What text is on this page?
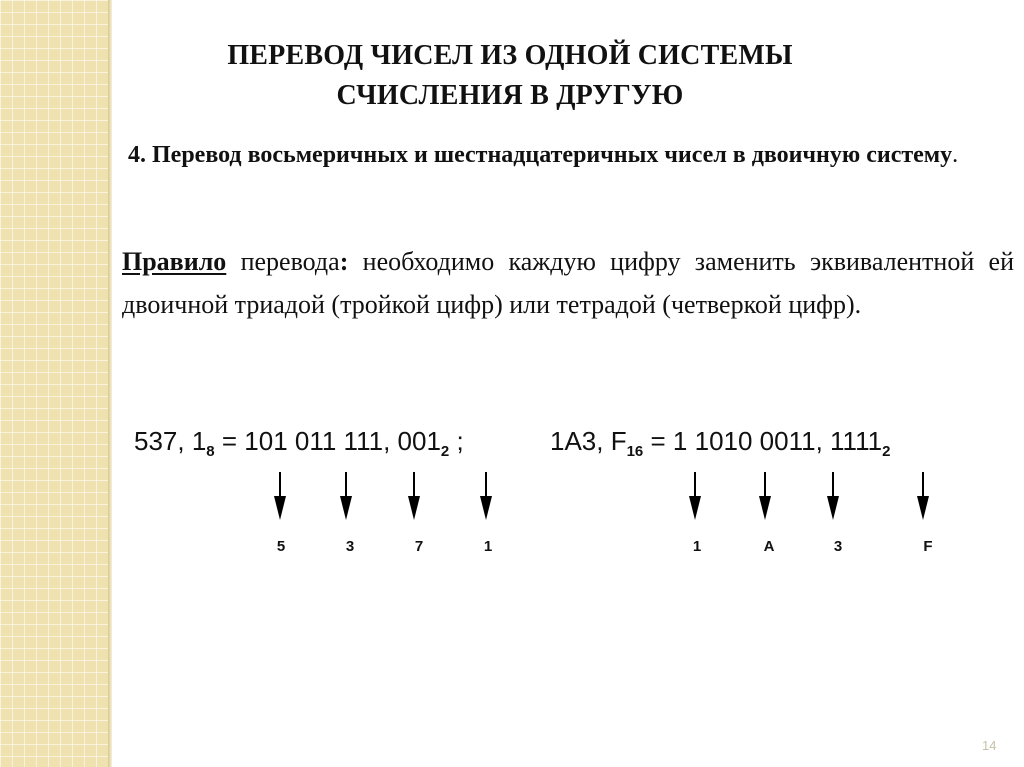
ПЕРЕВОД ЧИСЕЛ ИЗ ОДНОЙ СИСТЕМЫ
СЧИСЛЕНИЯ В ДРУГУЮ
4. Перевод восьмеричных и шестнадцатеричных чисел в двоичную систему.
Правило перевода: необходимо каждую цифру заменить эквивалентной ей двоичной триадой (тройкой цифр) или тетрадой (четверкой цифр).
537, $1_8 = 101$ 011 111, $001_2$ ;	1A3, $F_{16} = 1$ 1010 0011, $1111_2$
5	3	7	1	1	A	3	F
14
